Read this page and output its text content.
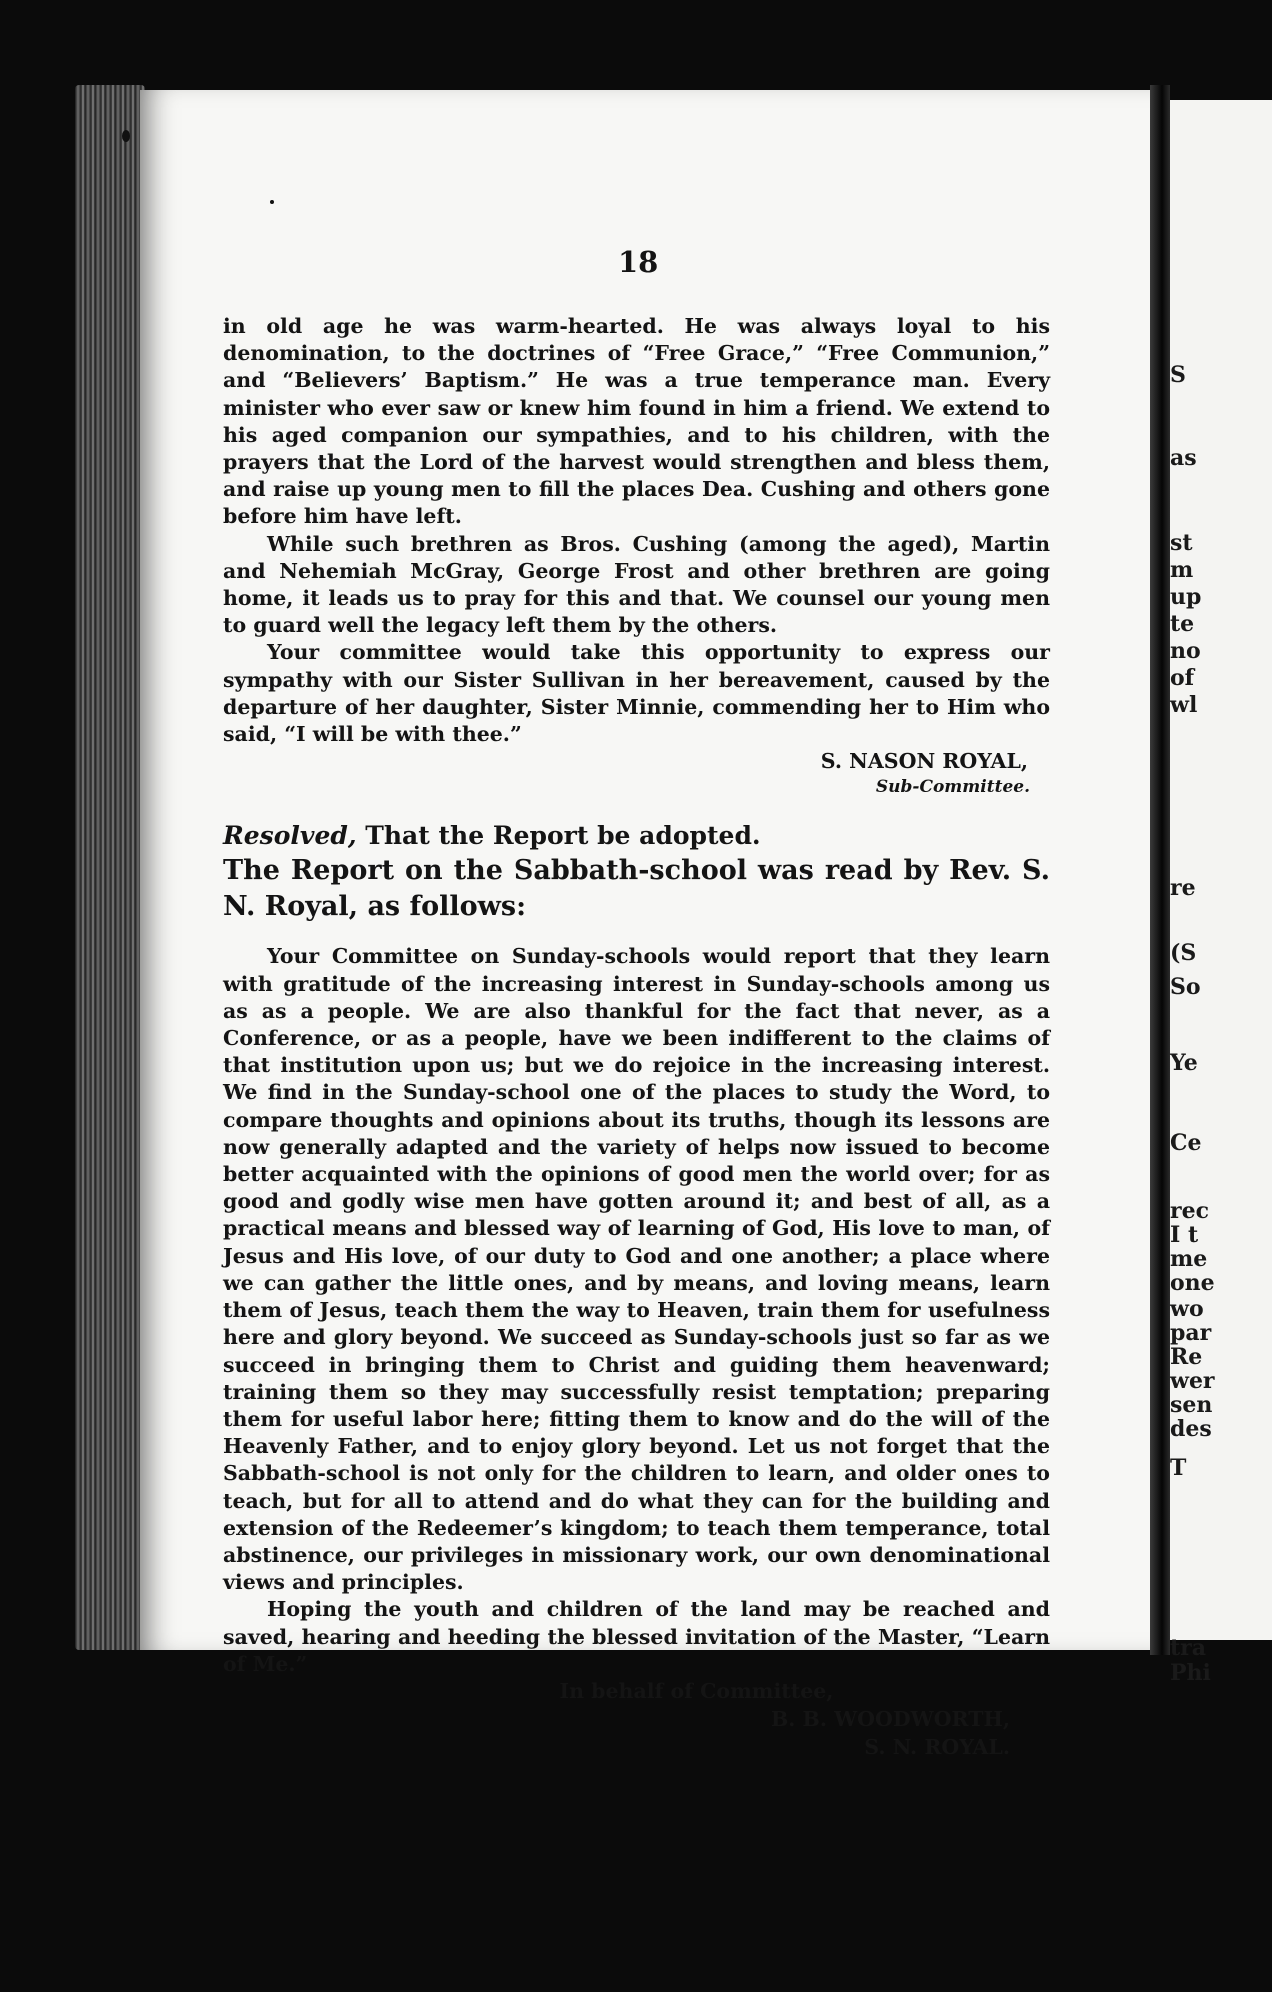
18

in old age he was warm-hearted. He was always loyal to his denomination, to the doctrines of “Free Grace,” “Free Communion,” and “Believers’ Baptism.” He was a true temperance man. Every minister who ever saw or knew him found in him a friend. We extend to his aged companion our sympathies, and to his children, with the prayers that the Lord of the harvest would strengthen and bless them, and raise up young men to fill the places Dea. Cushing and others gone before him have left.

While such brethren as Bros. Cushing (among the aged), Martin and Nehemiah McGray, George Frost and other brethren are going home, it leads us to pray for this and that. We counsel our young men to guard well the legacy left them by the others.

Your committee would take this opportunity to express our sympathy with our Sister Sullivan in her bereavement, caused by the departure of her daughter, Sister Minnie, commending her to Him who said, “I will be with thee.”

S. NASON ROYAL,

Sub-Committee.

Resolved, That the Report be adopted.

The Report on the Sabbath-school was read by Rev. S. N. Royal, as follows:

Your Committee on Sunday-schools would report that they learn with gratitude of the increasing interest in Sunday-schools among us as as a people. We are also thankful for the fact that never, as a Conference, or as a people, have we been indifferent to the claims of that institution upon us; but we do rejoice in the increasing interest. We find in the Sunday-school one of the places to study the Word, to compare thoughts and opinions about its truths, though its lessons are now generally adapted and the variety of helps now issued to become better acquainted with the opinions of good men the world over; for as good and godly wise men have gotten around it; and best of all, as a practical means and blessed way of learning of God, His love to man, of Jesus and His love, of our duty to God and one another; a place where we can gather the little ones, and by means, and loving means, learn them of Jesus, teach them the way to Heaven, train them for usefulness here and glory beyond. We succeed as Sunday-schools just so far as we succeed in bringing them to Christ and guiding them heavenward; training them so they may successfully resist temptation; preparing them for useful labor here; fitting them to know and do the will of the Heavenly Father, and to enjoy glory beyond. Let us not forget that the Sabbath-school is not only for the children to learn, and older ones to teach, but for all to attend and do what they can for the building and extension of the Redeemer’s kingdom; to teach them temperance, total abstinence, our privileges in missionary work, our own denominational views and principles.

Hoping the youth and children of the land may be reached and saved, hearing and heeding the blessed invitation of the Master, “Learn of Me.”

In behalf of Committee,

B. B. WOODWORTH,

S. N. ROYAL.

S
as
st
m
up
te
no
of
wl
re
(S
So
Ye
Ce
rec
I t
me
one
wo
par
Re
wer
sen
des
T
tra
Phi
